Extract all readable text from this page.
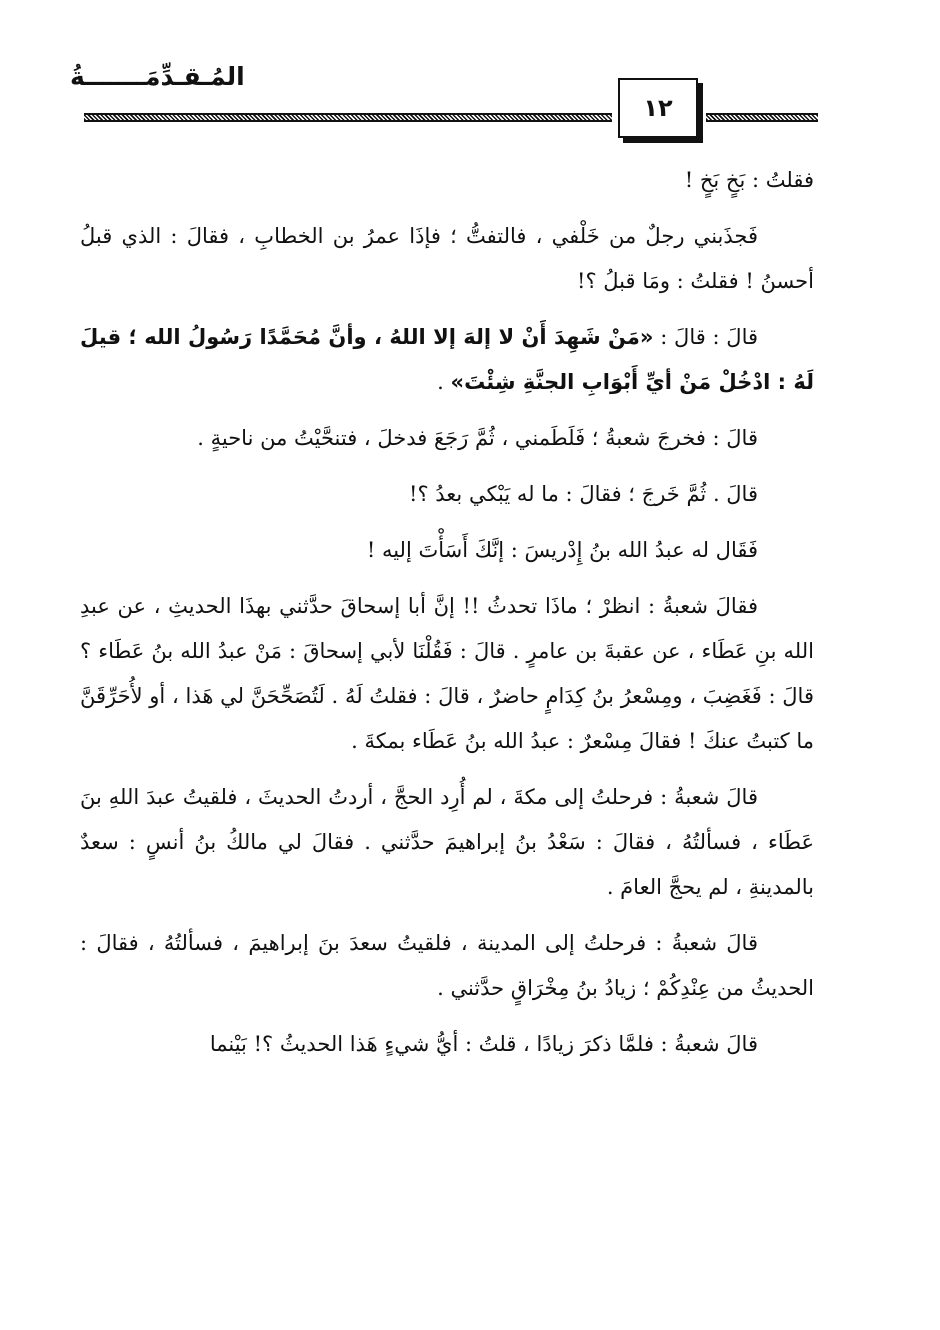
المُـقـدِّمَـــــــةُ
١٢

فقلتُ : بَخٍ بَخٍ !

فَجذَبني رجلٌ من خَلْفي ، فالتفتُّ ؛ فإذَا عمرُ بن الخطابِ ، فقالَ : الذي قبلُ أحسنُ ! فقلتُ : ومَا قبلُ ؟!

قالَ : قالَ : «مَنْ شَهِدَ أَنْ لا إلهَ إلا اللهُ ، وأنَّ مُحَمَّدًا رَسُولُ الله ؛ قيلَ لَهُ : ادْخُلْ مَنْ أيِّ أَبْوَابِ الجنَّةِ شِئْتَ» .

قالَ : فخرجَ شعبةُ ؛ فَلَطَمني ، ثُمَّ رَجَعَ فدخلَ ، فتنحَّيْتُ من ناحيةٍ .

قالَ . ثُمَّ خَرجَ ؛ فقالَ : ما له يَبْكي بعدُ ؟!

فَقَال له عبدُ الله بنُ إِدْريسَ : إنَّكَ أَسَأْتَ إليه !

فقالَ شعبةُ : انظرْ ؛ ماذَا تحدثُ !! إنَّ أبا إسحاقَ حدَّثني بهذَا الحديثِ ، عن عبدِ الله بنِ عَطَاء ، عن عقبةَ بن عامرٍ . قالَ : فَقُلْنَا لأبي إسحاقَ : مَنْ عبدُ الله بنُ عَطَاء ؟ قالَ : فَغَضِبَ ، ومِسْعرُ بنُ كِدَامٍ حاضرٌ ، قالَ : فقلتُ لَهُ . لَتُصَحِّحَنَّ لي هَذا ، أو لأُحَرِّقَنَّ ما كتبتُ عنكَ ! فقالَ مِسْعرٌ : عبدُ الله بنُ عَطَاء بمكةَ .

قالَ شعبةُ : فرحلتُ إلى مكةَ ، لم أُرِد الحجَّ ، أردتُ الحديثَ ، فلقيتُ عبدَ اللهِ بنَ عَطَاء ، فسألتُهُ ، فقالَ : سَعْدُ بنُ إبراهيمَ حدَّثني . فقالَ لي مالكُ بنُ أنسٍ : سعدٌ بالمدينةِ ، لم يحجَّ العامَ .

قالَ شعبةُ : فرحلتُ إلى المدينة ، فلقيتُ سعدَ بنَ إبراهيمَ ، فسألتُهُ ، فقالَ : الحديثُ من عِنْدِكُمْ ؛ زيادُ بنُ مِخْرَاقٍ حدَّثني .

قالَ شعبةُ : فلمَّا ذكرَ زيادًا ، قلتُ : أيُّ شيءٍ هَذا الحديثُ ؟! بَيْنما
